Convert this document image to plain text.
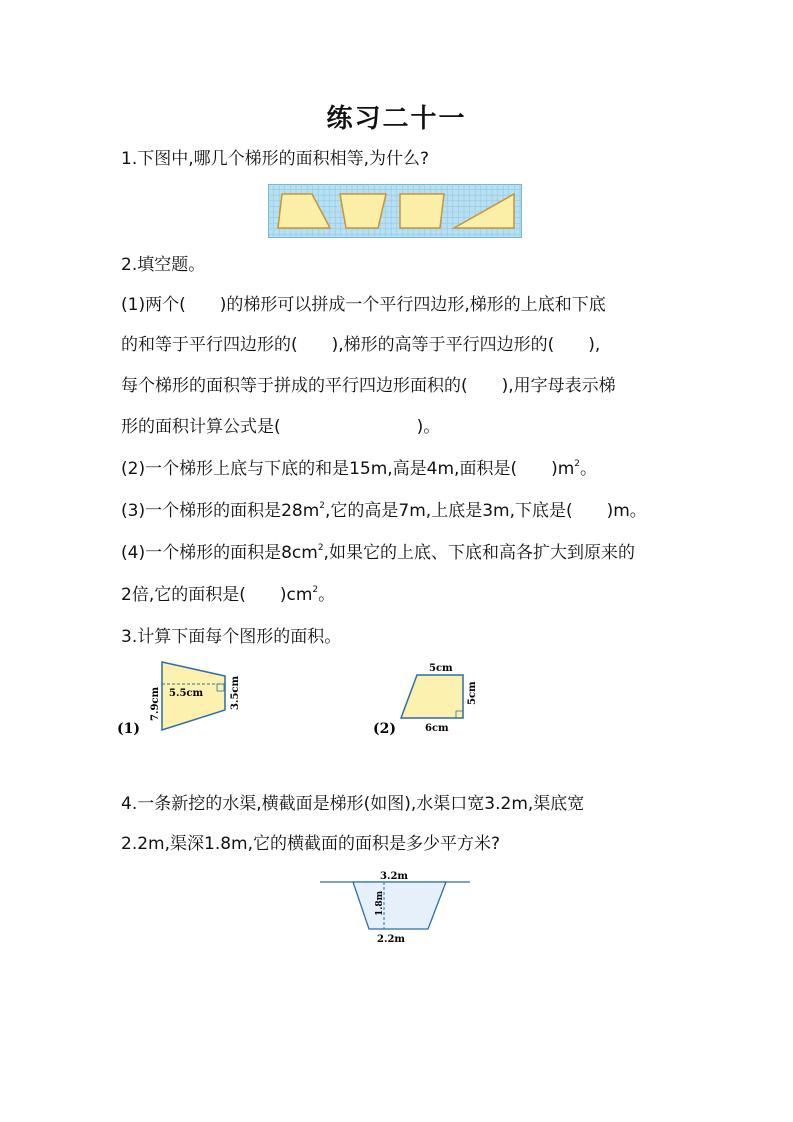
练习二十一
1.下图中,哪几个梯形的面积相等,为什么?
2.填空题。
(1)两个(　　)的梯形可以拼成一个平行四边形,梯形的上底和下底
的和等于平行四边形的(　　),梯形的高等于平行四边形的(　　),
每个梯形的面积等于拼成的平行四边形面积的(　　),用字母表示梯
形的面积计算公式是(　　　　　　　　)。
(2)一个梯形上底与下底的和是15m,高是4m,面积是(　　)$m^2$。
(3)一个梯形的面积是$28m^2$,它的高是7m,上底是3m,下底是(　　)m。
(4)一个梯形的面积是$8cm^2$,如果它的上底、下底和高各扩大到原来的
2倍,它的面积是(　　)$cm^2$。
3.计算下面每个图形的面积。
(1)
5.5cm
7.9cm	3.5cm
(2)
5cm
5cm
6cm
4.一条新挖的水渠,横截面是梯形(如图),水渠口宽3.2m,渠底宽
2.2m,渠深1.8m,它的横截面的面积是多少平方米?
3.2m
1.8m
2.2m
